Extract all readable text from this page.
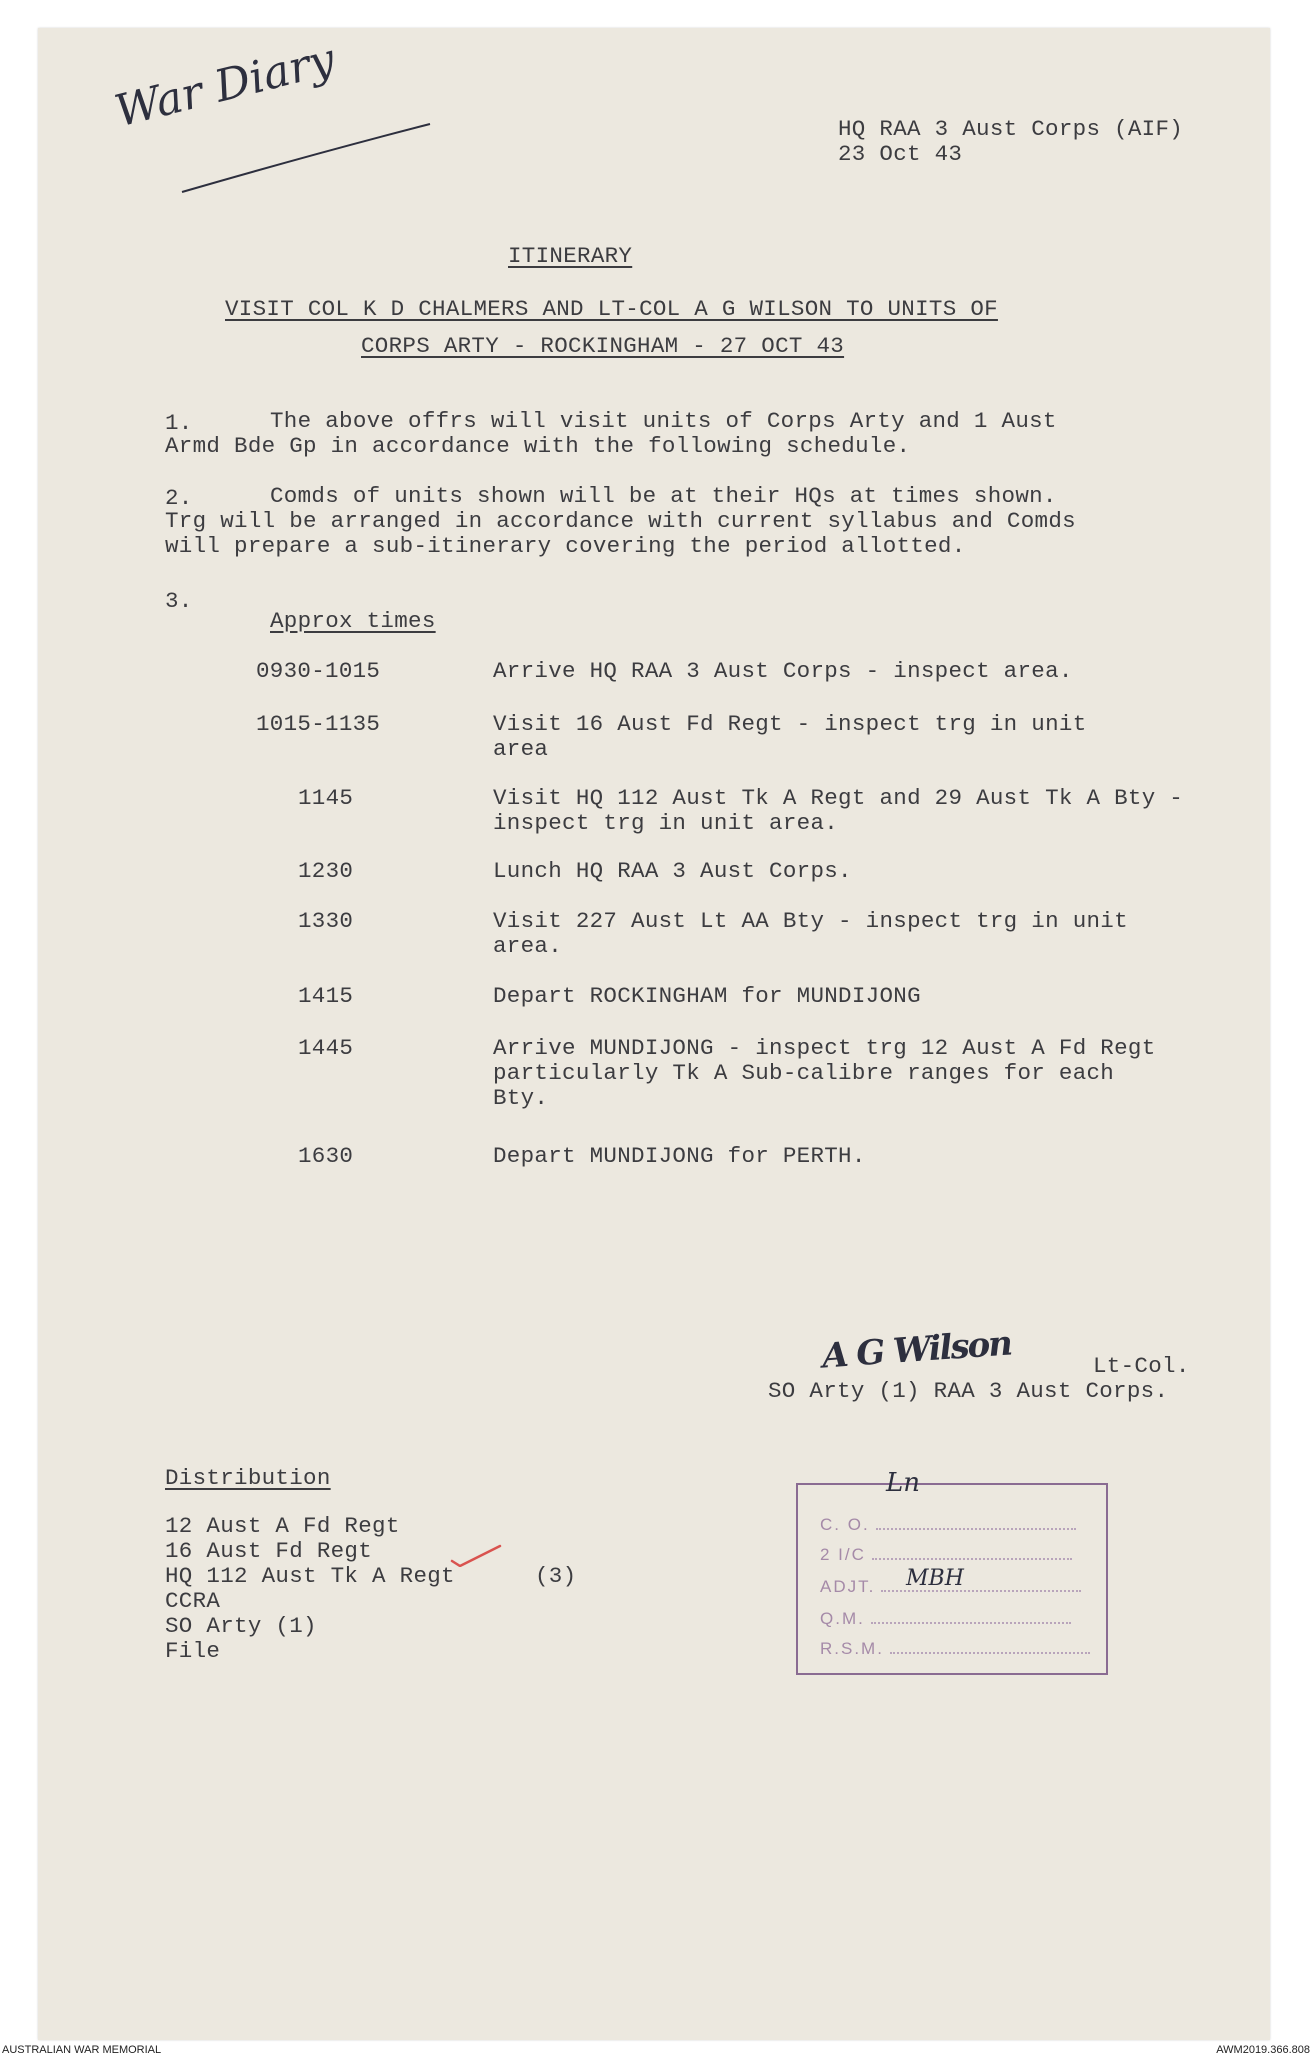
War Diary	HQ RAA 3 Aust Corps (AIF)
23 Oct 43
ITINERARY
VISIT COL K D CHALMERS AND LT-COL A G WILSON TO UNITS OF
CORPS ARTY - ROCKINGHAM - 27 OCT 43
1.	The above offrs will visit units of Corps Arty and 1 Aust
Armd Bde Gp in accordance with the following schedule.
2.	Comds of units shown will be at their HQs at times shown.
Trg will be arranged in accordance with current syllabus and Comds
will prepare a sub-itinerary covering the period allotted.
3.
Approx times
0930-1015	Arrive HQ RAA 3 Aust Corps - inspect area.
1015-1135	Visit 16 Aust Fd Regt - inspect trg in unit
area
1145	Visit HQ 112 Aust Tk A Regt and 29 Aust Tk A Bty -
inspect trg in unit area.
1230	Lunch HQ RAA 3 Aust Corps.
1330	Visit 227 Aust Lt AA Bty - inspect trg in unit
area.
1415	Depart ROCKINGHAM for MUNDIJONG
1445	Arrive MUNDIJONG - inspect trg 12 Aust A Fd Regt
particularly Tk A Sub-calibre ranges for each
Bty.
1630	Depart MUNDIJONG for PERTH.
A G Wilson	Lt-Col.
SO Arty (1) RAA 3 Aust Corps.
Distribution
12 Aust A Fd Regt
16 Aust Fd Regt
HQ 112 Aust Tk A Regt	(3)
CCRA
SO Arty (1)
File
C. O.
2 I/C
ADJT.
Q.M.
R.S.M.
Ln
MBH
AUSTRALIAN WAR MEMORIAL	AWM2019.366.808
